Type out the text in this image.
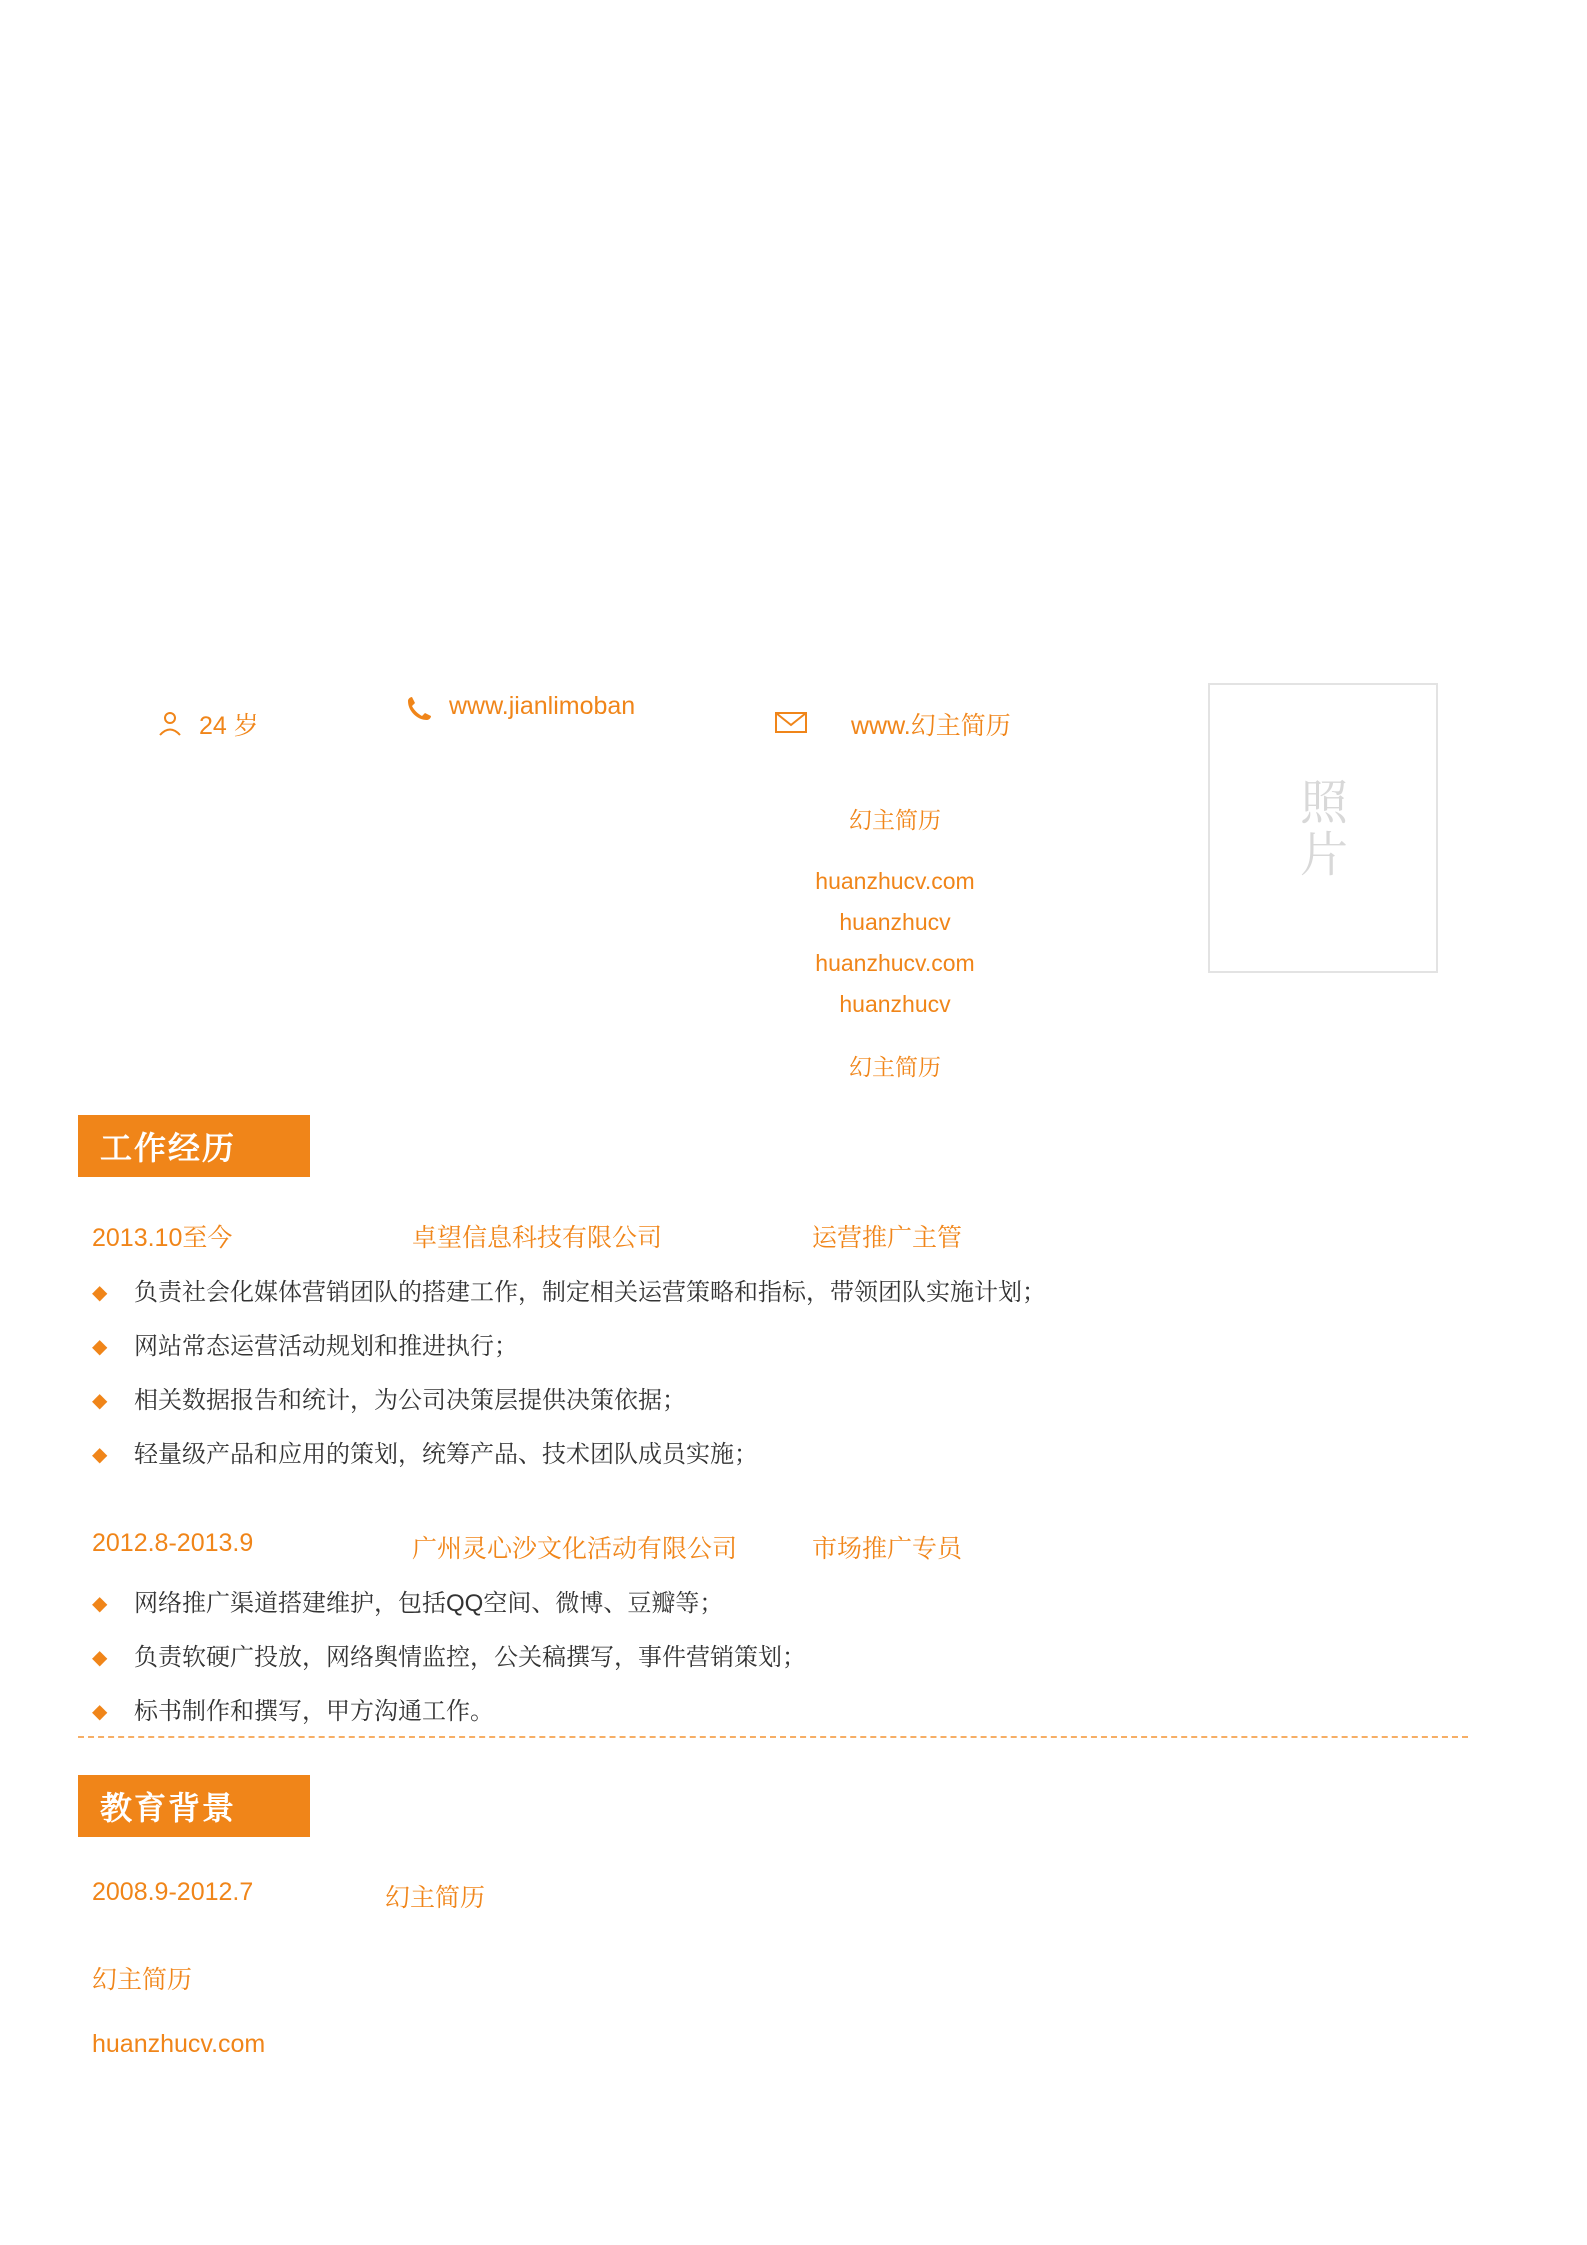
24 岁
www.jianlimoban
www.幻主简历
幻主简历
huanzhucv.com
huanzhucv
huanzhucv.com
huanzhucv
幻主简历
照
片
工作经历
2013.10至今	卓望信息科技有限公司	运营推广主管
◆	负责社会化媒体营销团队的搭建工作，制定相关运营策略和指标，带领团队实施计划；
◆	网站常态运营活动规划和推进执行；
◆	相关数据报告和统计，为公司决策层提供决策依据；
◆	轻量级产品和应用的策划，统筹产品、技术团队成员实施；
2012.8-2013.9	广州灵心沙文化活动有限公司	市场推广专员
◆	网络推广渠道搭建维护，包括QQ空间、微博、豆瓣等；
◆	负责软硬广投放，网络舆情监控，公关稿撰写，事件营销策划；
◆	标书制作和撰写，甲方沟通工作。
教育背景
2008.9-2012.7	幻主简历
幻主简历
huanzhucv.com
